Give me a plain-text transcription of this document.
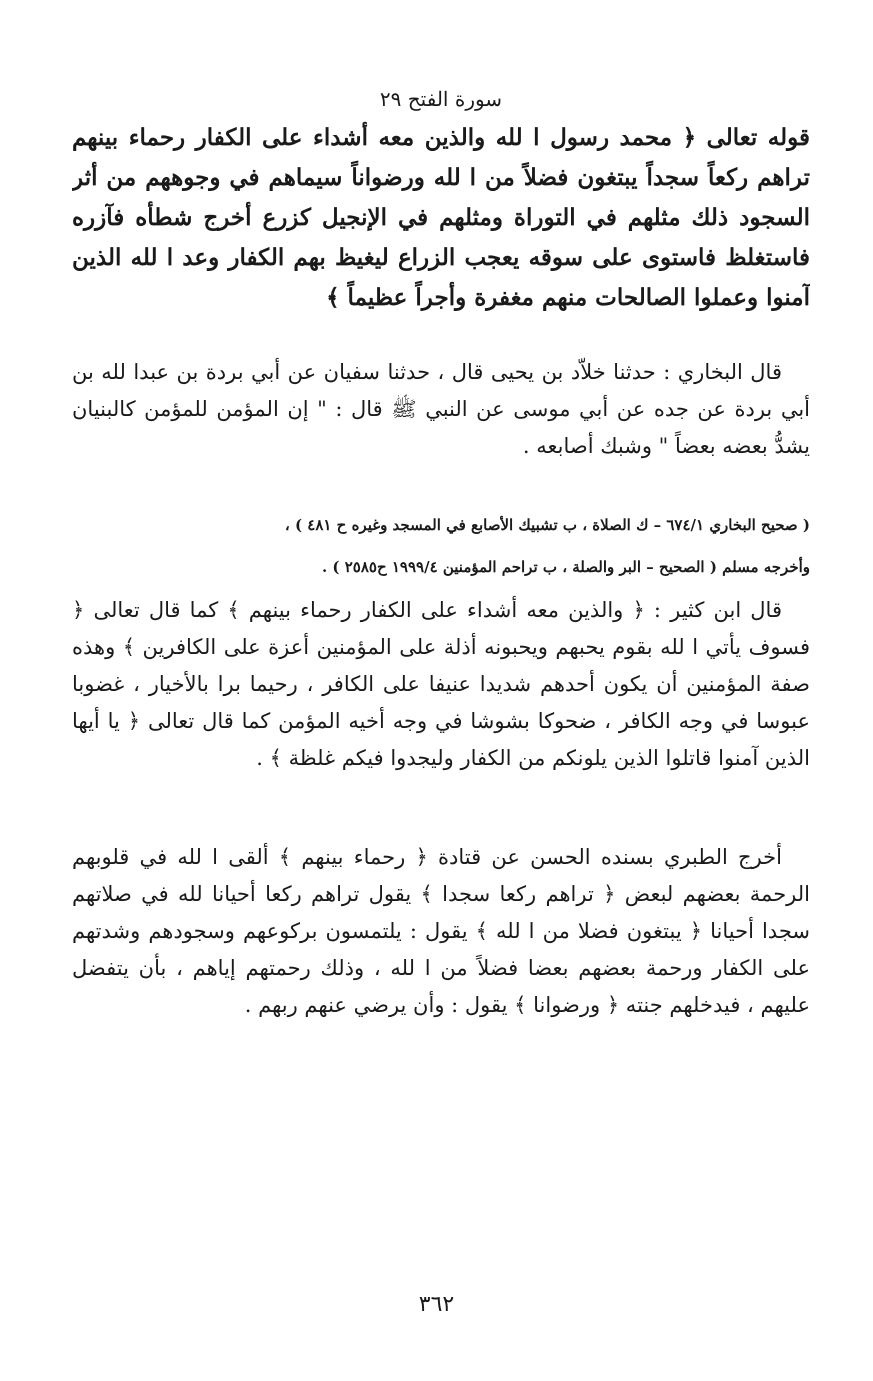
سورة الفتح ٢٩
قوله تعالى ﴿ محمد رسول ا لله والذين معه أشداء على الكفار رحماء بينهم تراهم ركعاً سجداً يبتغون فضلاً من ا لله ورضواناً سيماهم في وجوههم من أثر السجود ذلك مثلهم في التوراة ومثلهم في الإنجيل كزرع أخرج شطأه فآزره فاستغلظ فاستوى على سوقه يعجب الزراع ليغيظ بهم الكفار وعد ا لله الذين آمنوا وعملوا الصالحات منهم مغفرة وأجراً عظيماً ﴾
قال البخاري : حدثنا خلاّد بن يحيى قال ، حدثنا سفيان عن أبي بردة بن عبدا لله بن أبي بردة عن جده عن أبي موسى عن النبي ﷺ قال : " إن المؤمن للمؤمن كالبنيان يشدُّ بعضه بعضاً " وشبك أصابعه .
( صحيح البخاري ٦٧٤/١ – ك الصلاة ، ب تشبيك الأصابع في المسجد وغيره ح ٤٨١ ) ،
وأخرجه مسلم ( الصحيح – البر والصلة ، ب تراحم المؤمنين ١٩٩٩/٤ ح٢٥٨٥ ) .
قال ابن كثير : ﴿ والذين معه أشداء على الكفار رحماء بينهم ﴾ كما قال تعالى ﴿ فسوف يأتي ا لله بقوم يحبهم ويحبونه أذلة على المؤمنين أعزة على الكافرين ﴾ وهذه صفة المؤمنين أن يكون أحدهم شديدا عنيفا على الكافر ، رحيما برا بالأخيار ، غضوبا عبوسا في وجه الكافر ، ضحوكا بشوشا في وجه أخيه المؤمن كما قال تعالى ﴿ يا أيها الذين آمنوا قاتلوا الذين يلونكم من الكفار وليجدوا فيكم غلظة ﴾ .
أخرج الطبري بسنده الحسن عن قتادة ﴿ رحماء بينهم ﴾ ألقى ا لله في قلوبهم الرحمة بعضهم لبعض ﴿ تراهم ركعا سجدا ﴾ يقول تراهم ركعا أحيانا لله في صلاتهم سجدا أحيانا ﴿ يبتغون فضلا من ا لله ﴾ يقول : يلتمسون بركوعهم وسجودهم وشدتهم على الكفار ورحمة بعضهم بعضا فضلاً من ا لله ، وذلك رحمتهم إياهم ، بأن يتفضل عليهم ، فيدخلهم جنته ﴿ ورضوانا ﴾ يقول : وأن يرضي عنهم ربهم .
٣٦٢
